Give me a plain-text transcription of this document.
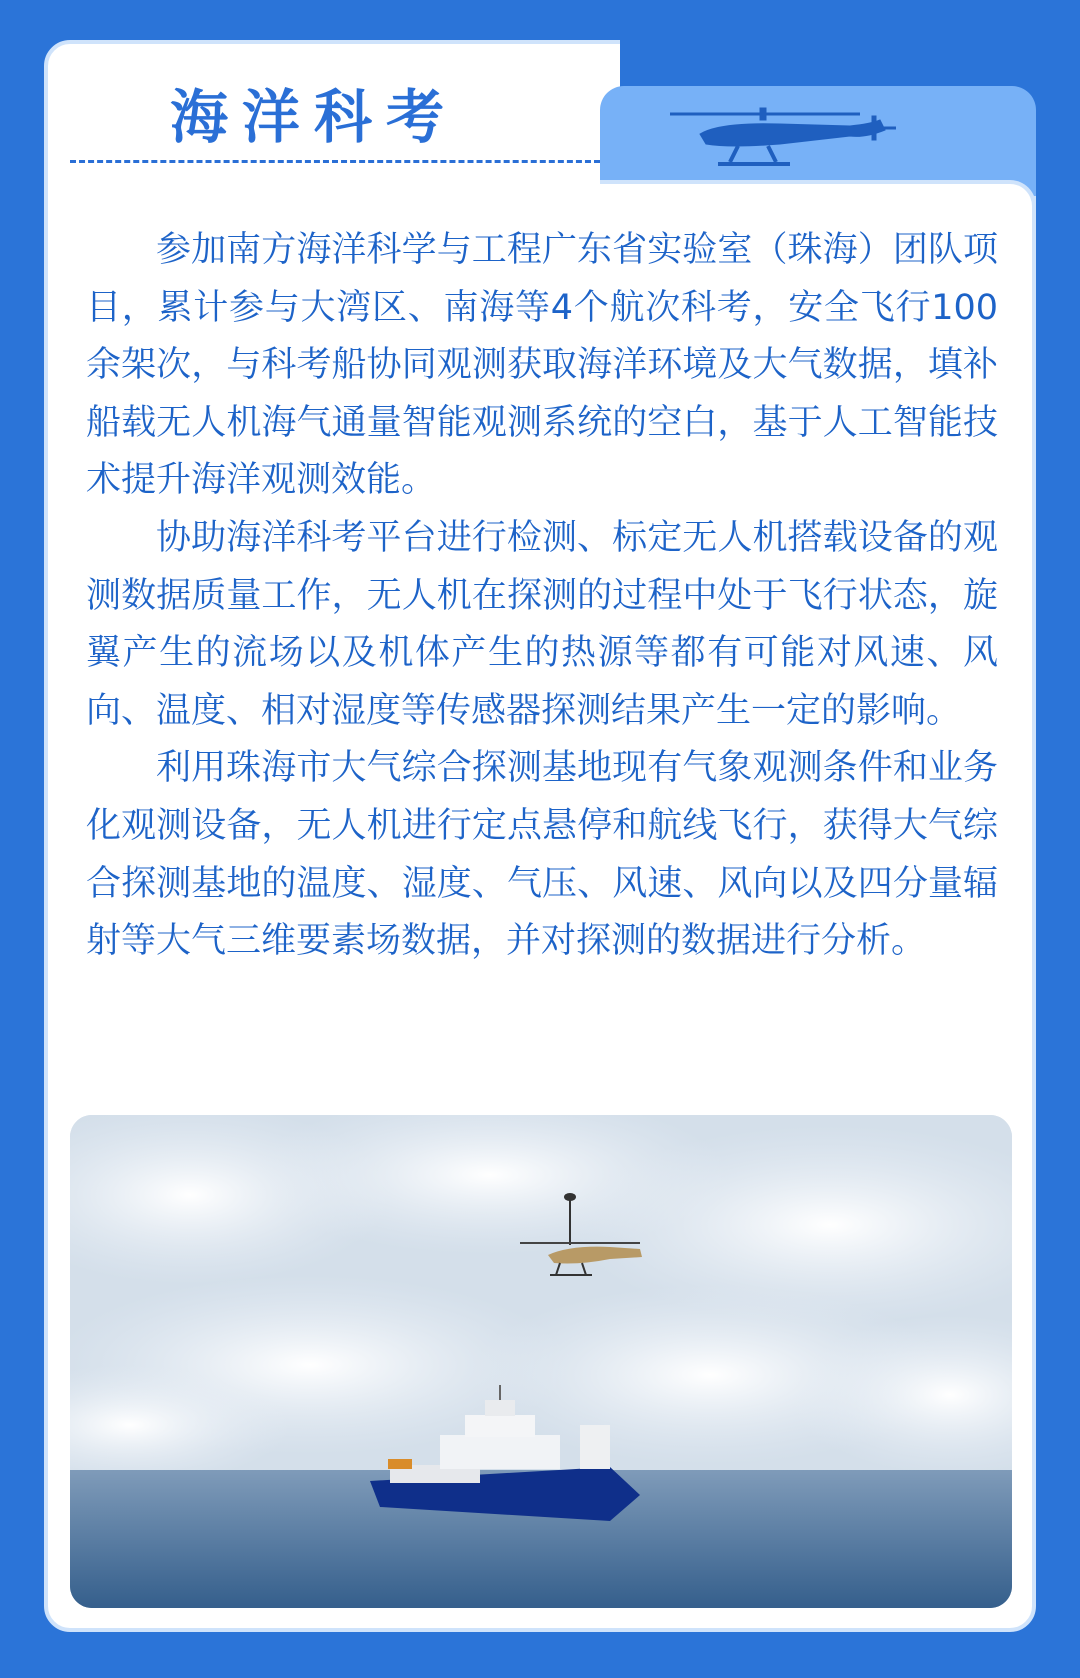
海洋科考

参加南方海洋科学与工程广东省实验室（珠海）团队项目，累计参与大湾区、南海等4个航次科考，安全飞行100余架次，与科考船协同观测获取海洋环境及大气数据，填补船载无人机海气通量智能观测系统的空白，基于人工智能技术提升海洋观测效能。

协助海洋科考平台进行检测、标定无人机搭载设备的观测数据质量工作，无人机在探测的过程中处于飞行状态，旋翼产生的流场以及机体产生的热源等都有可能对风速、风向、温度、相对湿度等传感器探测结果产生一定的影响。

利用珠海市大气综合探测基地现有气象观测条件和业务化观测设备，无人机进行定点悬停和航线飞行，获得大气综合探测基地的温度、湿度、气压、风速、风向以及四分量辐射等大气三维要素场数据，并对探测的数据进行分析。
